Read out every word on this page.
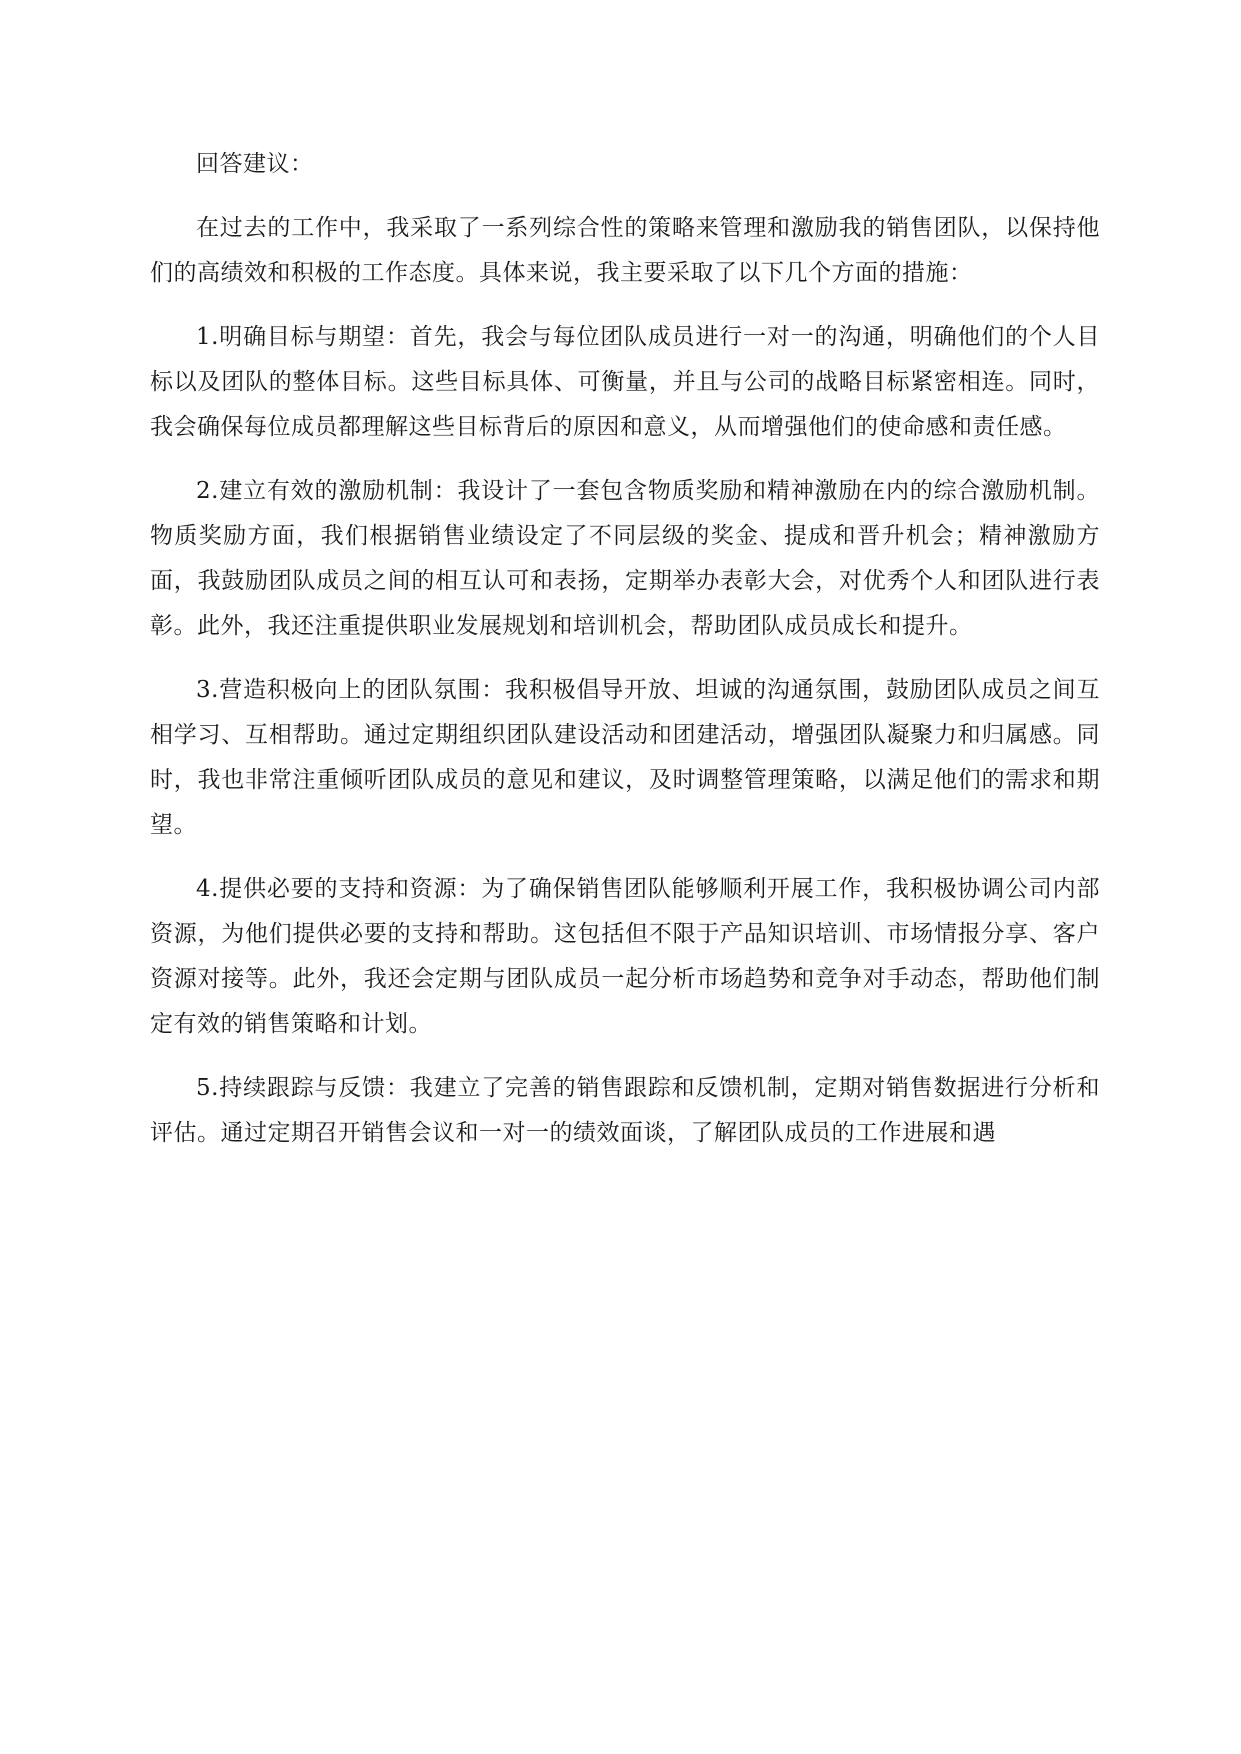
回答建议：

在过去的工作中，我采取了一系列综合性的策略来管理和激励我的销售团队，以保持他们的高绩效和积极的工作态度。具体来说，我主要采取了以下几个方面的措施：

1.明确目标与期望：首先，我会与每位团队成员进行一对一的沟通，明确他们的个人目标以及团队的整体目标。这些目标具体、可衡量，并且与公司的战略目标紧密相连。同时，我会确保每位成员都理解这些目标背后的原因和意义，从而增强他们的使命感和责任感。

2.建立有效的激励机制：我设计了一套包含物质奖励和精神激励在内的综合激励机制。物质奖励方面，我们根据销售业绩设定了不同层级的奖金、提成和晋升机会；精神激励方面，我鼓励团队成员之间的相互认可和表扬，定期举办表彰大会，对优秀个人和团队进行表彰。此外，我还注重提供职业发展规划和培训机会，帮助团队成员成长和提升。

3.营造积极向上的团队氛围：我积极倡导开放、坦诚的沟通氛围，鼓励团队成员之间互相学习、互相帮助。通过定期组织团队建设活动和团建活动，增强团队凝聚力和归属感。同时，我也非常注重倾听团队成员的意见和建议，及时调整管理策略，以满足他们的需求和期望。

4.提供必要的支持和资源：为了确保销售团队能够顺利开展工作，我积极协调公司内部资源，为他们提供必要的支持和帮助。这包括但不限于产品知识培训、市场情报分享、客户资源对接等。此外，我还会定期与团队成员一起分析市场趋势和竞争对手动态，帮助他们制定有效的销售策略和计划。

5.持续跟踪与反馈：我建立了完善的销售跟踪和反馈机制，定期对销售数据进行分析和评估。通过定期召开销售会议和一对一的绩效面谈，了解团队成员的工作进展和遇
